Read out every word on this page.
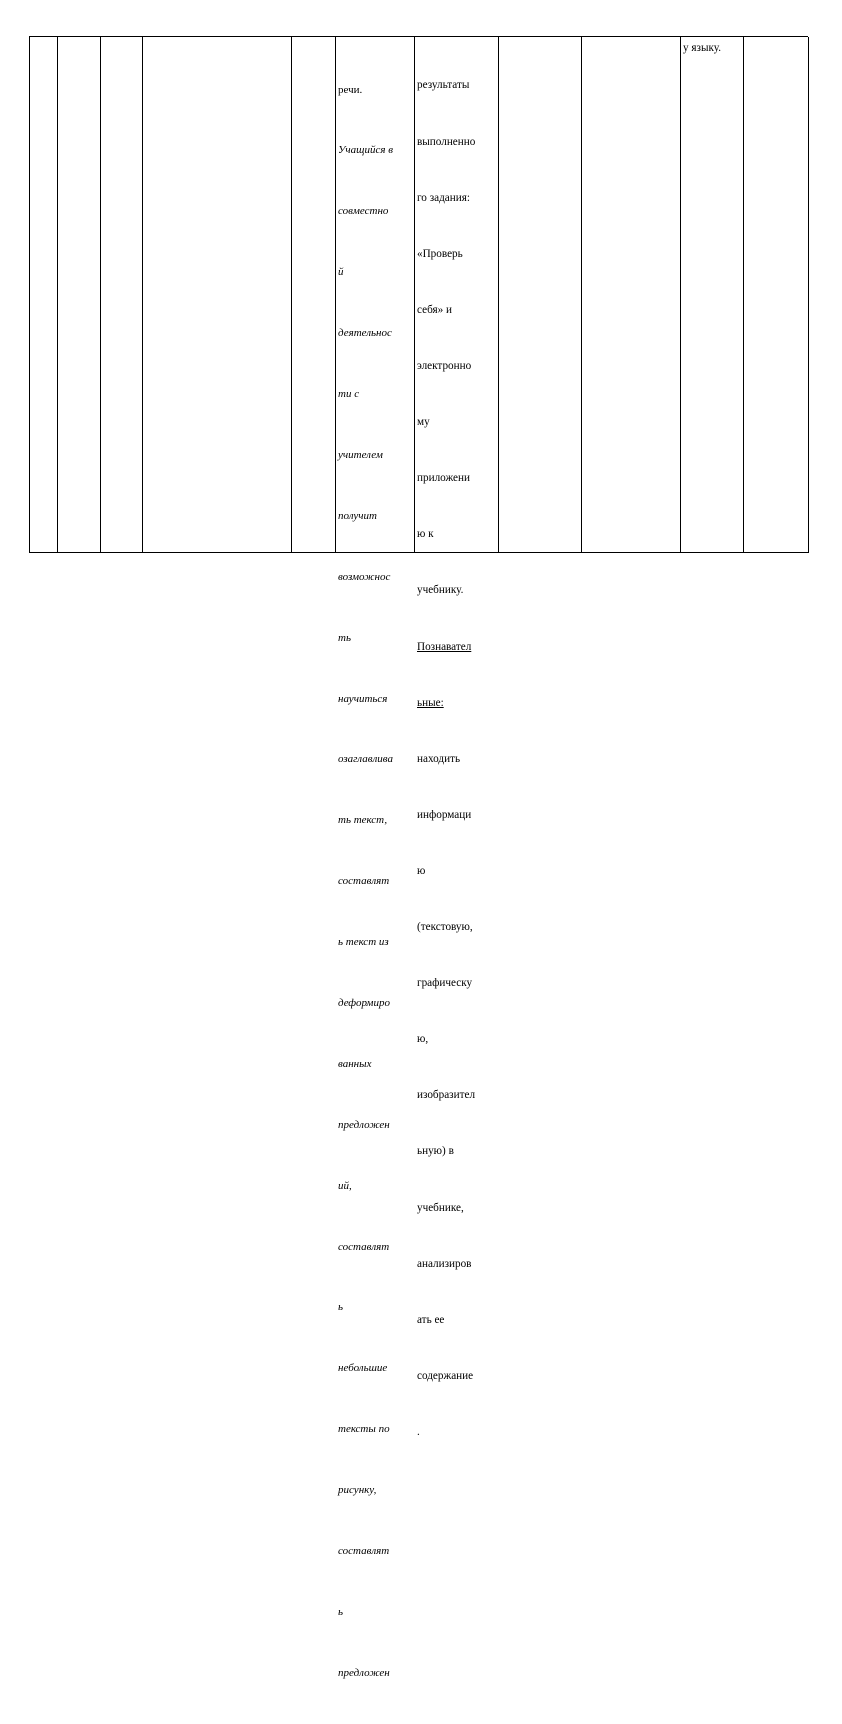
речи.

Учащийся в

совместно

й

деятельнос

ти с

учителем

получит

возможнос

ть

научиться

озаглавлива

ть текст,

составлят

ь текст из

деформиро

ванных

предложен

ий,

составлят

ь

небольшие

тексты по

рисунку,

составлят

ь

предложен

результаты

выполненно

го задания:

«Проверь

себя» и

электронно

му

приложени

ю к

учебнику.

Познавател

ьные:

находить

информаци

ю

(текстовую,

графическу

ю,

изобразител

ьную) в

учебнике,

анализиров

ать ее

содержание

.

у языку.
